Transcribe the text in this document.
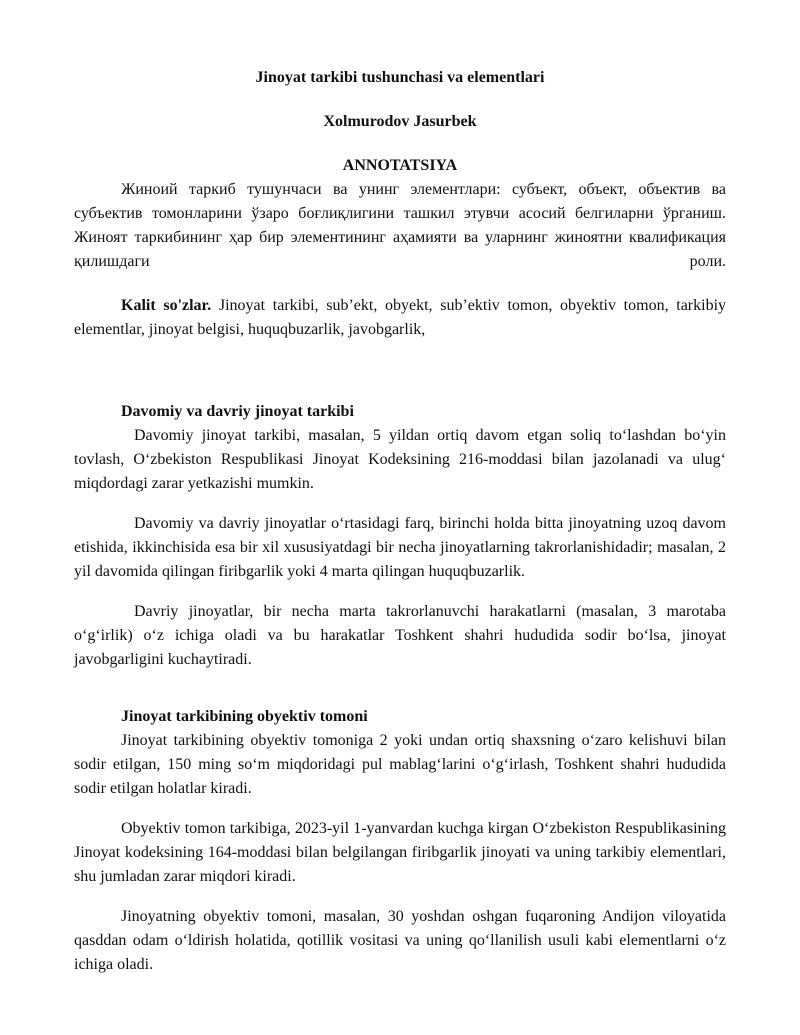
Jinoyat tarkibi tushunchasi va elementlari

Xolmurodov Jasurbek

ANNOTATSIYA

Жиноий таркиб тушунчаси ва унинг элементлари: субъект, объект, объектив ва субъектив томонларини ўзаро боғлиқлигини ташкил этувчи асосий белгиларни ўрганиш. Жиноят таркибининг ҳар бир элементининг аҳамияти ва уларнинг жиноятни квалификация қилишдаги роли.

Kalit so'zlar. Jinoyat tarkibi, sub’ekt, obyekt, sub’ektiv tomon, obyektiv tomon, tarkibiy elementlar, jinoyat belgisi, huquqbuzarlik, javobgarlik,

Davomiy va davriy jinoyat tarkibi

Davomiy jinoyat tarkibi, masalan, 5 yildan ortiq davom etgan soliq to‘lashdan bo‘yin tovlash, O‘zbekiston Respublikasi Jinoyat Kodeksining 216-moddasi bilan jazolanadi va ulug‘ miqdordagi zarar yetkazishi mumkin.

Davomiy va davriy jinoyatlar o‘rtasidagi farq, birinchi holda bitta jinoyatning uzoq davom etishida, ikkinchisida esa bir xil xususiyatdagi bir necha jinoyatlarning takrorlanishidadir; masalan, 2 yil davomida qilingan firibgarlik yoki 4 marta qilingan huquqbuzarlik.

Davriy jinoyatlar, bir necha marta takrorlanuvchi harakatlarni (masalan, 3 marotaba o‘g‘irlik) o‘z ichiga oladi va bu harakatlar Toshkent shahri hududida sodir bo‘lsa, jinoyat javobgarligini kuchaytiradi.

Jinoyat tarkibining obyektiv tomoni

Jinoyat tarkibining obyektiv tomoniga 2 yoki undan ortiq shaxsning o‘zaro kelishuvi bilan sodir etilgan, 150 ming so‘m miqdoridagi pul mablag‘larini o‘g‘irlash, Toshkent shahri hududida sodir etilgan holatlar kiradi.

Obyektiv tomon tarkibiga, 2023-yil 1-yanvardan kuchga kirgan O‘zbekiston Respublikasining Jinoyat kodeksining 164-moddasi bilan belgilangan firibgarlik jinoyati va uning tarkibiy elementlari, shu jumladan zarar miqdori kiradi.

Jinoyatning obyektiv tomoni, masalan, 30 yoshdan oshgan fuqaroning Andijon viloyatida qasddan odam o‘ldirish holatida, qotillik vositasi va uning qo‘llanilish usuli kabi elementlarni o‘z ichiga oladi.
